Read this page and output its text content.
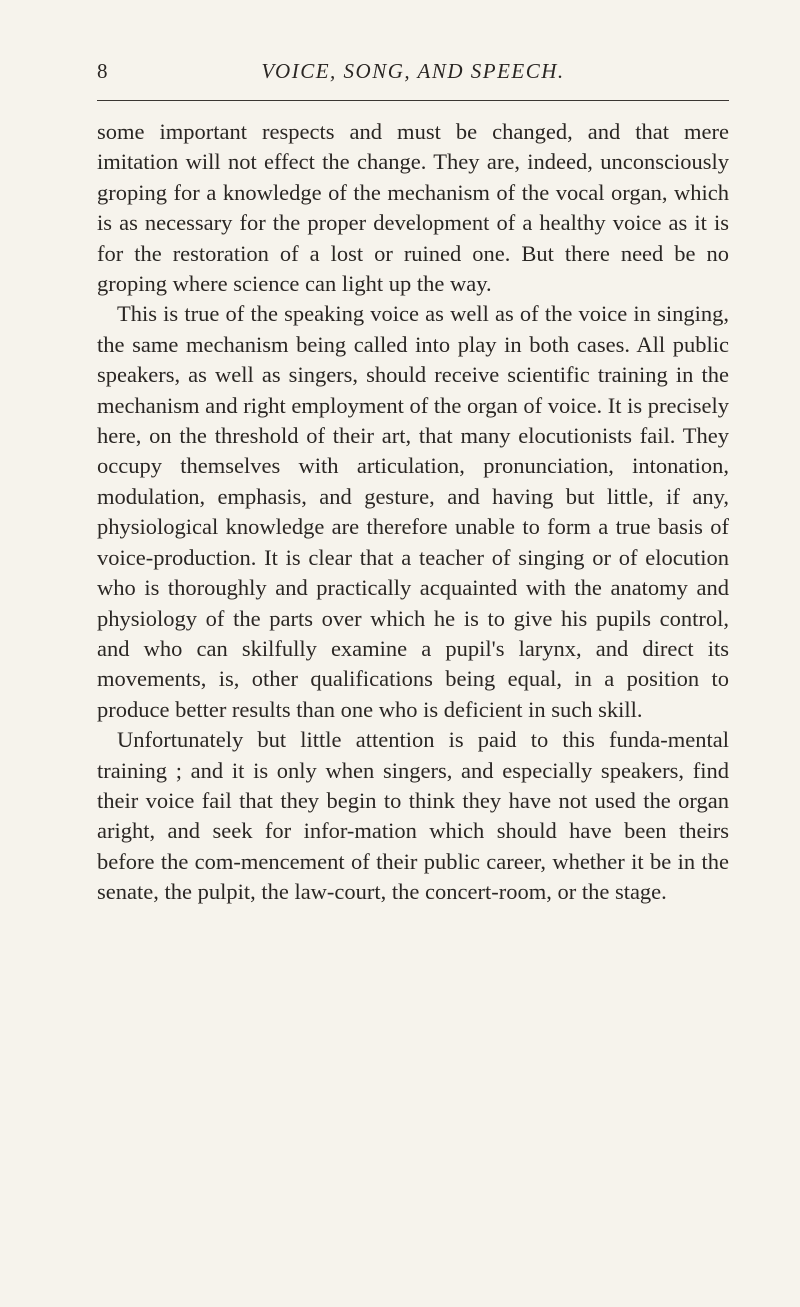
8	VOICE, SONG, AND SPEECH.

some important respects and must be changed, and that mere imitation will not effect the change. They are, indeed, unconsciously groping for a knowledge of the mechanism of the vocal organ, which is as necessary for the proper development of a healthy voice as it is for the restoration of a lost or ruined one. But there need be no groping where science can light up the way.

This is true of the speaking voice as well as of the voice in singing, the same mechanism being called into play in both cases. All public speakers, as well as singers, should receive scientific training in the mechanism and right employment of the organ of voice. It is precisely here, on the threshold of their art, that many elocutionists fail. They occupy themselves with articulation, pronunciation, intonation, modulation, emphasis, and gesture, and having but little, if any, physiological knowledge are therefore unable to form a true basis of voice-production. It is clear that a teacher of singing or of elocution who is thoroughly and practically acquainted with the anatomy and physiology of the parts over which he is to give his pupils control, and who can skilfully examine a pupil's larynx, and direct its movements, is, other qualifications being equal, in a position to produce better results than one who is deficient in such skill.

Unfortunately but little attention is paid to this funda-mental training ; and it is only when singers, and especially speakers, find their voice fail that they begin to think they have not used the organ aright, and seek for infor-mation which should have been theirs before the com-mencement of their public career, whether it be in the senate, the pulpit, the law-court, the concert-room, or the stage.
